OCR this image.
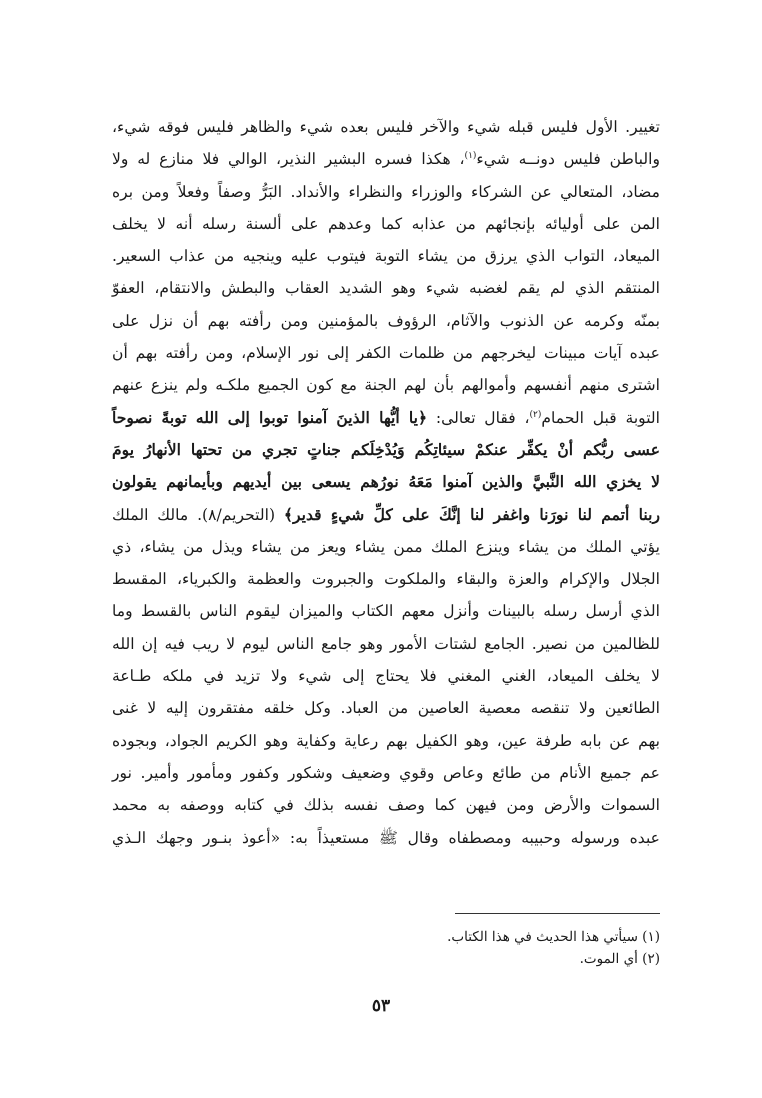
تغيير. الأول فليس قبله شيء والآخر فليس بعده شيء والظاهر فليس فوقه شيء،
والباطن فليس دونــه شيء$^{(١)}$، هكذا فسره البشير النذير، الوالي فلا منازع له ولا
مضاد، المتعالي عن الشركاء والوزراء والنظراء والأنداد. البَرُّ وصفاً وفعلاً ومن بره
المن على أوليائه بإنجائهم من عذابه كما وعدهم على ألسنة رسله أنه لا يخلف
الميعاد، التواب الذي يرزق من يشاء التوبة فيتوب عليه وينجيه من عذاب السعير.
المنتقم الذي لم يقم لغضبه شيء وهو الشديد العقاب والبطش والانتقام، العفوّ
بمنّه وكرمه عن الذنوب والآثام، الرؤوف بالمؤمنين ومن رأفته بهم أن نزل على
عبده آيات مبينات ليخرجهم من ظلمات الكفر إلى نور الإسلام، ومن رأفته بهم أن
اشترى منهم أنفسهم وأموالهم بأن لهم الجنة مع كون الجميع ملكـه ولم ينزع عنهم
التوبة قبل الحمام$^{(٢)}$، فقال تعالى: ﴿يا أيُّها الذينَ آمنوا توبوا إلى الله توبةً نصوحاً
عسى ربُّكم أنْ يكفِّر عنكمْ سيئاتِكُم وَيُدْخِلَكم جناتٍ تجري من تحتها الأنهارُ يومَ
لا يخزي الله النَّبيَّ والذين آمنوا مَعَهُ نورُهم يسعى بين أيديهم وبأيمانهم يقولون
ربنا أتمم لنا نورَنا واغفر لنا إنَّكَ على كلِّ شيءٍ قدير﴾ (التحريم/٨). مالك الملك
يؤتي الملك من يشاء وينزع الملك ممن يشاء ويعز من يشاء ويذل من يشاء، ذي
الجلال والإكرام والعزة والبقاء والملكوت والجبروت والعظمة والكبرياء، المقسط
الذي أرسل رسله بالبينات وأنزل معهم الكتاب والميزان ليقوم الناس بالقسط وما
للظالمين من نصير. الجامع لشتات الأمور وهو جامع الناس ليوم لا ريب فيه إن الله
لا يخلف الميعاد، الغني المغني فلا يحتاج إلى شيء ولا تزيد في ملكه طـاعة
الطائعين ولا تنقصه معصية العاصين من العباد. وكل خلقه مفتقرون إليه لا غنى
بهم عن بابه طرفة عين، وهو الكفيل بهم رعاية وكفاية وهو الكريم الجواد، وبجوده
عم جميع الأنام من طائع وعاص وقوي وضعيف وشكور وكفور ومأمور وأمير. نور
السموات والأرض ومن فيهن كما وصف نفسه بذلك في كتابه ووصفه به محمد
عبده ورسوله وحبيبه ومصطفاه وقال ﷺ مستعيذاً به: «أعوذ بنـور وجهك الـذي
(١) سيأتي هذا الحديث في هذا الكتاب.
(٢) أي الموت.
٥٣
